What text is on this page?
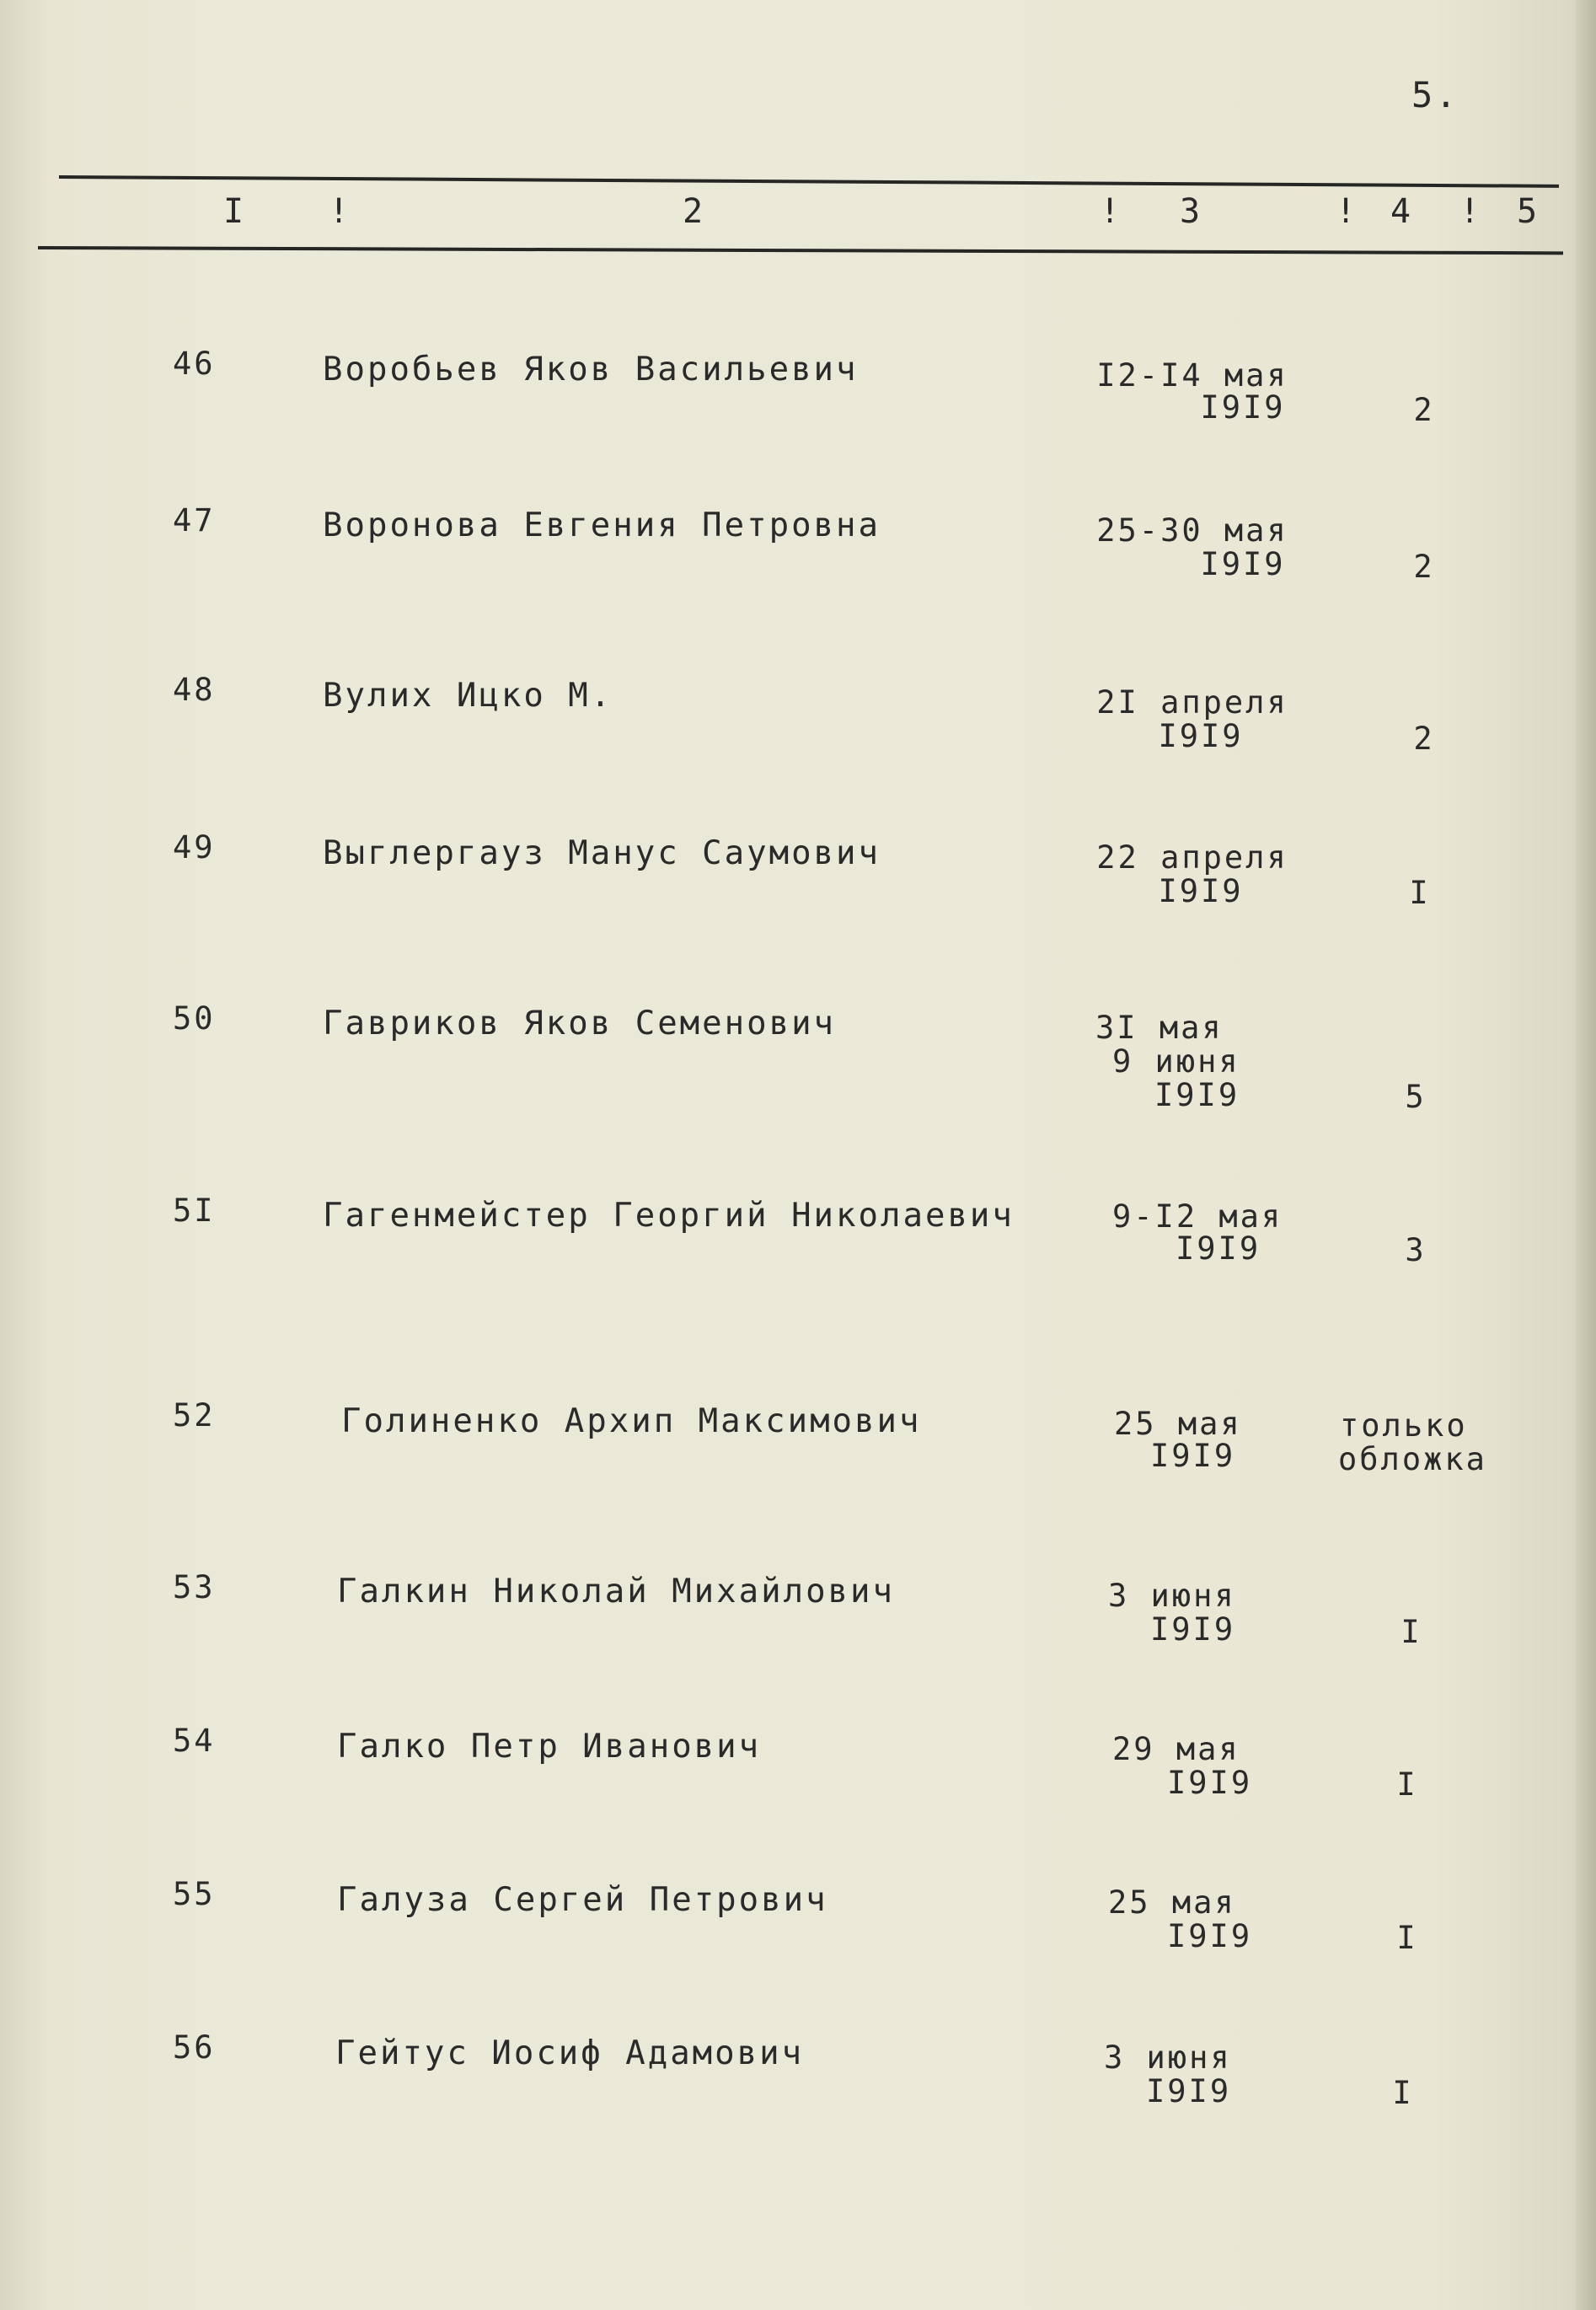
5.
I !	2	! 3	! 4 ! 5
46	Воробьев Яков Васильевич	I2-I4 мая
I9I9	2
47	Воронова Евгения Петровна	25-30 мая
I9I9	2
48	Вулих Ицко М.	2I апреля
I9I9	2
49	Выглергауз Манус Саумович	22 апреля
I9I9	I
50	Гавриков Яков Семенович	3I мая
9 июня
I9I9	5
5I	Гагенмейстер Георгий Николаевич	9-I2 мая
I9I9	3
52	Голиненко Архип Максимович	25 мая
I9I9
только
обложка
53	Галкин Николай Михайлович	3 июня
I9I9	I
54	Галко Петр Иванович	29 мая
I9I9	I
55	Галуза Сергей Петрович	25 мая
I9I9	I
56	Гейтус Иосиф Адамович	3 июня
I9I9	I
